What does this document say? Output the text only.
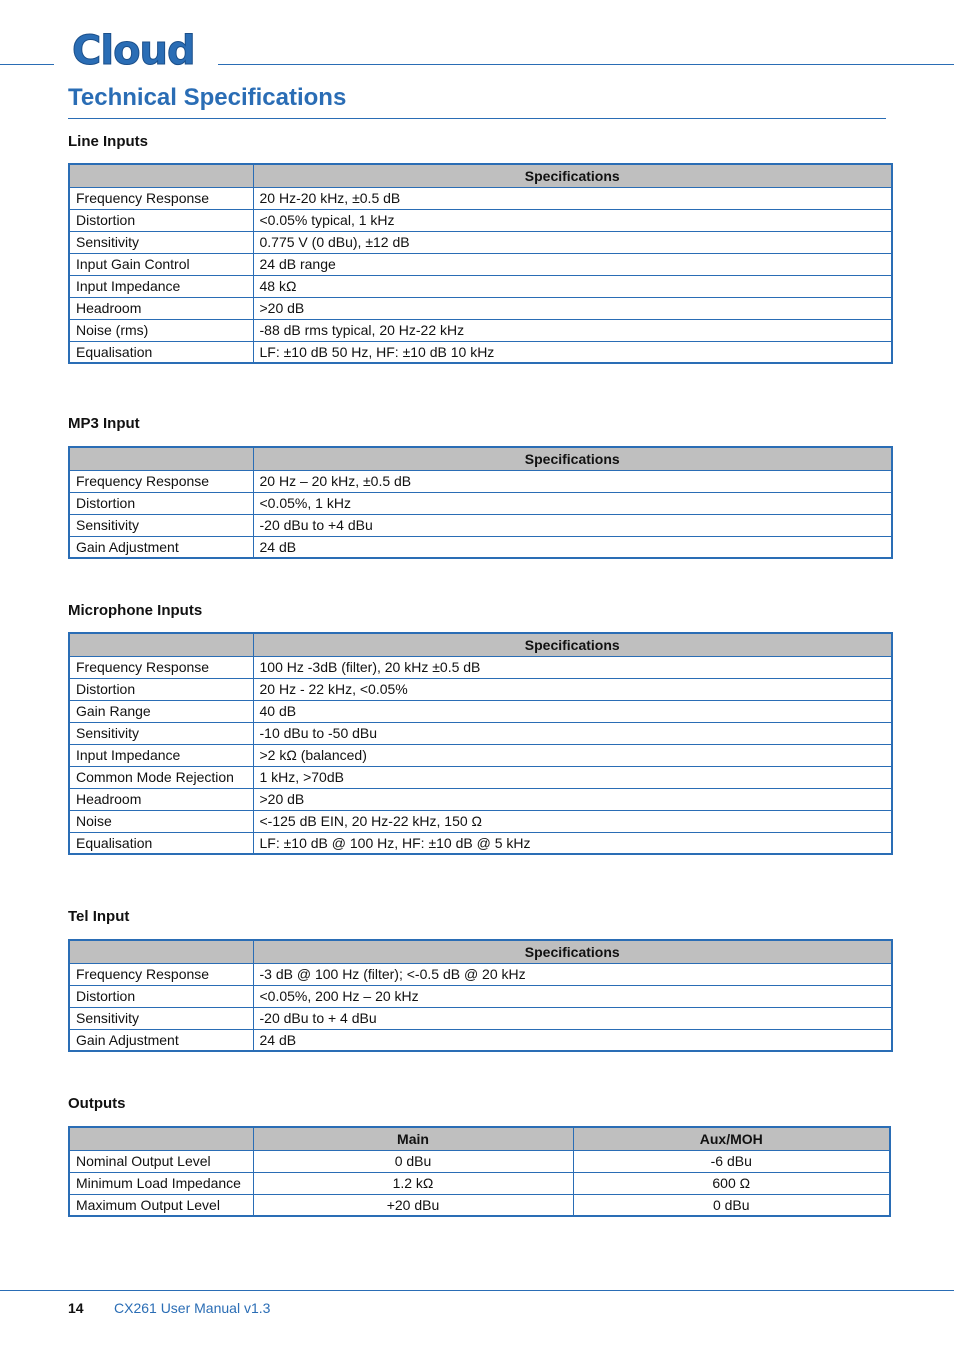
Cloud
Technical Specifications
Line Inputs
	Specifications
Frequency Response	20 Hz-20 kHz, ±0.5 dB
Distortion	<0.05% typical, 1 kHz
Sensitivity	0.775 V (0 dBu), ±12 dB
Input Gain Control	24 dB range
Input Impedance	48 kΩ
Headroom	>20 dB
Noise (rms)	-88 dB rms typical, 20 Hz-22 kHz
Equalisation	LF: ±10 dB 50 Hz, HF: ±10 dB 10 kHz
MP3 Input
	Specifications
Frequency Response	20 Hz – 20 kHz, ±0.5 dB
Distortion	<0.05%, 1 kHz
Sensitivity	-20 dBu to +4 dBu
Gain Adjustment	24 dB
Microphone Inputs
	Specifications
Frequency Response	100 Hz -3dB (filter), 20 kHz ±0.5 dB
Distortion	20 Hz - 22 kHz, <0.05%
Gain Range	40 dB
Sensitivity	-10 dBu to -50 dBu
Input Impedance	>2 kΩ (balanced)
Common Mode Rejection	1 kHz, >70dB
Headroom	>20 dB
Noise	<-125 dB EIN, 20 Hz-22 kHz, 150 Ω
Equalisation	LF: ±10 dB @ 100 Hz, HF: ±10 dB @ 5 kHz
Tel Input
	Specifications
Frequency Response	-3 dB @ 100 Hz (filter); <-0.5 dB @ 20 kHz
Distortion	<0.05%, 200 Hz – 20 kHz
Sensitivity	-20 dBu to + 4 dBu
Gain Adjustment	24 dB
Outputs
	Main	Aux/MOH
Nominal Output Level	0 dBu	-6 dBu
Minimum Load Impedance	1.2 kΩ	600 Ω
Maximum Output Level	+20 dBu	0 dBu
14 CX261 User Manual v1.3
